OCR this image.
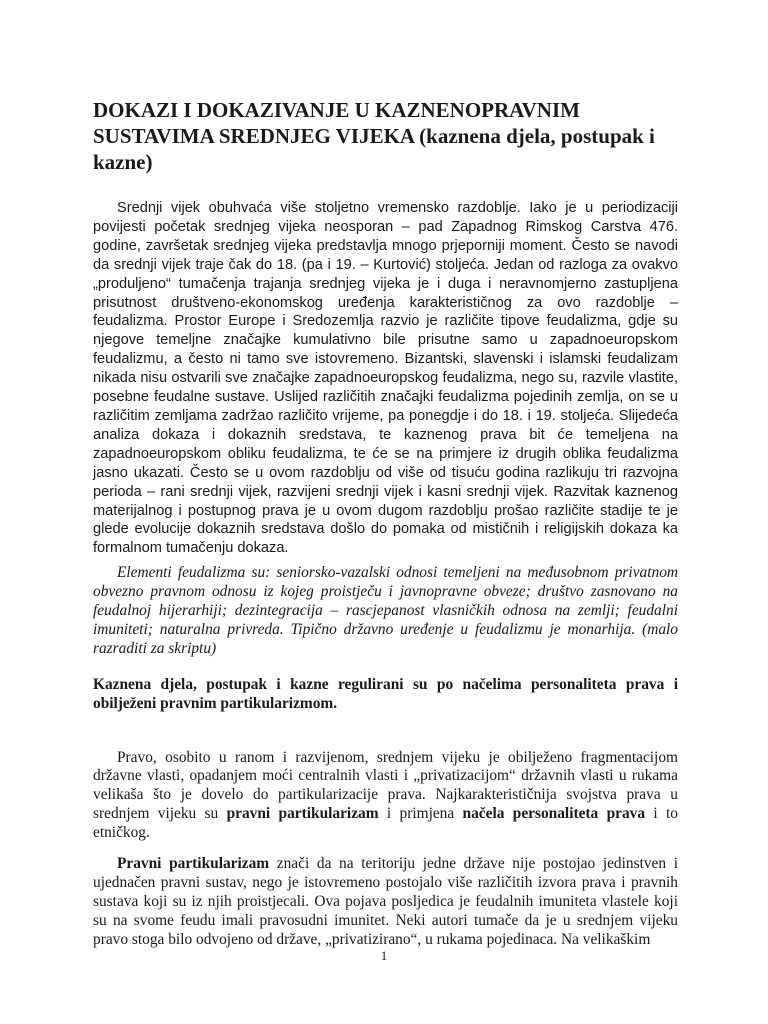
DOKAZI I DOKAZIVANJE U KAZNENOPRAVNIM SUSTAVIMA SREDNJEG VIJEKA (kaznena djela, postupak i kazne)

Srednji vijek obuhvaća više stoljetno vremensko razdoblje. Iako je u periodizaciji povijesti početak srednjeg vijeka neosporan – pad Zapadnog Rimskog Carstva 476. godine, završetak srednjeg vijeka predstavlja mnogo prjeporniji moment. Često se navodi da srednji vijek traje čak do 18. (pa i 19. – Kurtović) stoljeća. Jedan od razloga za ovakvo „produljeno“ tumačenja trajanja srednjeg vijeka je i duga i neravnomjerno zastupljena prisutnost društveno-ekonomskog uređenja karakterističnog za ovo razdoblje – feudalizma. Prostor Europe i Sredozemlja razvio je različite tipove feudalizma, gdje su njegove temeljne značajke kumulativno bile prisutne samo u zapadnoeuropskom feudalizmu, a često ni tamo sve istovremeno. Bizantski, slavenski i islamski feudalizam nikada nisu ostvarili sve značajke zapadnoeuropskog feudalizma, nego su, razvile vlastite, posebne feudalne sustave. Uslijed različitih značajki feudalizma pojedinih zemlja, on se u različitim zemljama zadržao različito vrijeme, pa ponegdje i do 18. i 19. stoljeća. Slijedeća analiza dokaza i dokaznih sredstava, te kaznenog prava bit će temeljena na zapadnoeuropskom obliku feudalizma, te će se na primjere iz drugih oblika feudalizma jasno ukazati. Često se u ovom razdoblju od više od tisuću godina razlikuju tri razvojna perioda – rani srednji vijek, razvijeni srednji vijek i kasni srednji vijek. Razvitak kaznenog materijalnog i postupnog prava je u ovom dugom razdoblju prošao različite stadije te je glede evolucije dokaznih sredstava došlo do pomaka od mističnih i religijskih dokaza ka formalnom tumačenju dokaza.

Elementi feudalizma su: seniorsko-vazalski odnosi temeljeni na međusobnom privatnom obvezno pravnom odnosu iz kojeg proistječu i javnopravne obveze; društvo zasnovano na feudalnoj hijerarhiji; dezintegracija – rascjepanost vlasničkih odnosa na zemlji; feudalni imuniteti; naturalna privreda. Tipično državno uređenje u feudalizmu je monarhija. (malo razraditi za skriptu)

Kaznena djela, postupak i kazne regulirani su po načelima personaliteta prava i obilježeni pravnim partikularizmom.

Pravo, osobito u ranom i razvijenom, srednjem vijeku je obilježeno fragmentacijom državne vlasti, opadanjem moći centralnih vlasti i „privatizacijom“ državnih vlasti u rukama velikaša što je dovelo do partikularizacije prava. Najkarakterističnija svojstva prava u srednjem vijeku su pravni partikularizam i primjena načela personaliteta prava i to etničkog.

Pravni partikularizam znači da na teritoriju jedne države nije postojao jedinstven i ujednačen pravni sustav, nego je istovremeno postojalo više različitih izvora prava i pravnih sustava koji su iz njih proistjecali. Ova pojava posljedica je feudalnih imuniteta vlastele koji su na svome feudu imali pravosudni imunitet. Neki autori tumače da je u srednjem vijeku pravo stoga bilo odvojeno od države, „privatizirano“, u rukama pojedinaca. Na velikaškim

1
